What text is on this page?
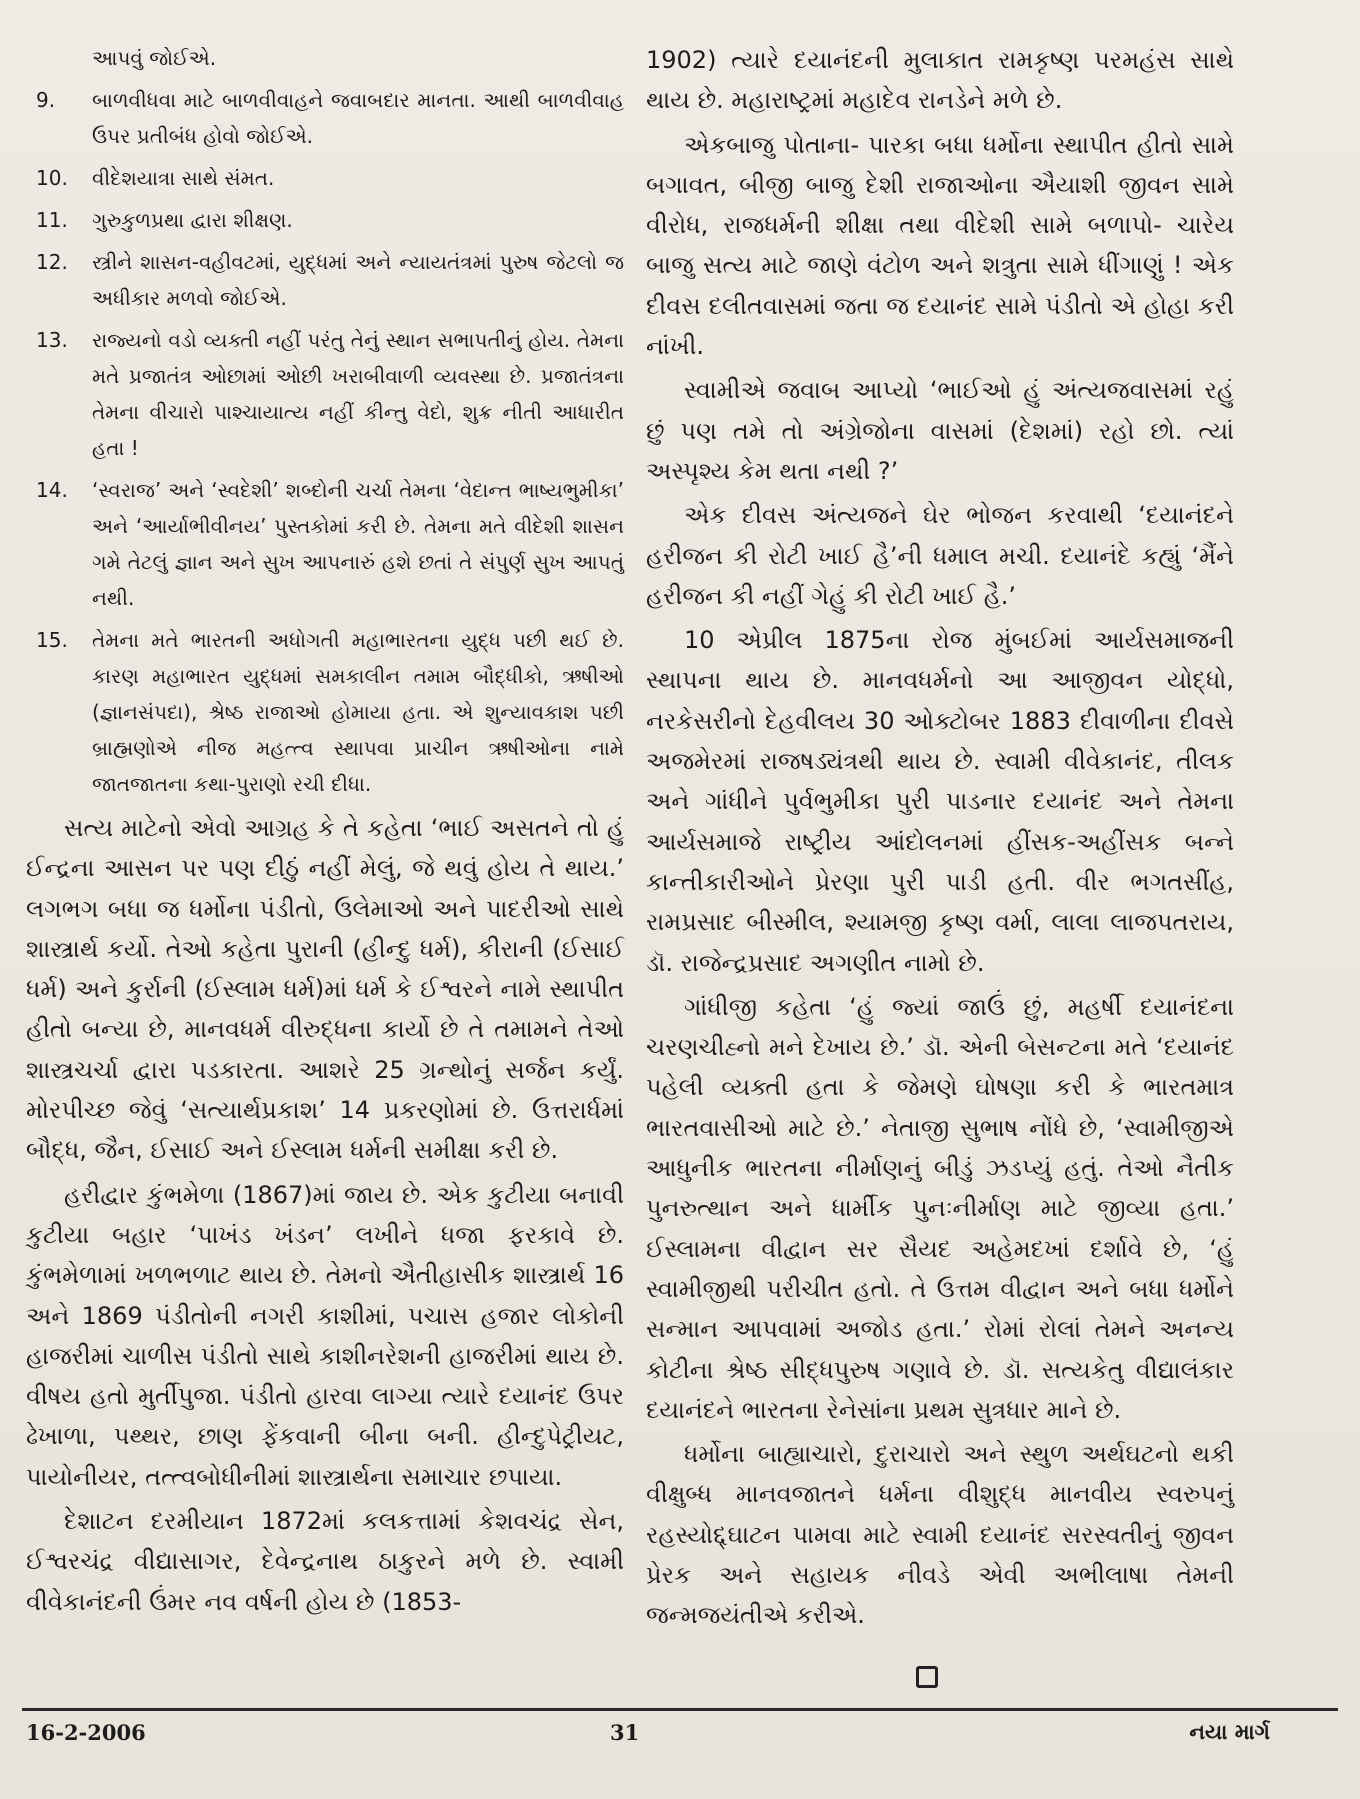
આપવું જોઈએ.
9.	બાળવીધવા માટે બાળવીવાહને જવાબદાર માનતા. આથી બાળવીવાહ ઉપર પ્રતીબંધ હોવો જોઈએ.
10.	વીદેશયાત્રા સાથે સંમત.
11.	ગુરુકુળપ્રથા દ્વારા શીક્ષણ.
12.	સ્ત્રીને શાસન-વહીવટમાં, યુદ્ધમાં અને ન્યાયતંત્રમાં પુરુષ જેટલો જ અધીકાર મળવો જોઈએ.
13.	રાજ્યનો વડો વ્યક્તી નહીં પરંતુ તેનું સ્થાન સભાપતીનું હોય. તેમના મતે પ્રજાતંત્ર ઓછામાં ઓછી ખરાબીવાળી વ્યવસ્થા છે. પ્રજાતંત્રના તેમના વીચારો પાશ્ચાયાત્ય નહીં કીન્તુ વેદો, શુક્ર નીતી આધારીત હતા !
14.	‘સ્વરાજ’ અને ‘સ્વદેશી’ શબ્દોની ચર્ચા તેમના ‘વેદાન્ત ભાષ્યભુમીકા’ અને ‘આર્યાભીવીનય’ પુસ્તકોમાં કરી છે. તેમના મતે વીદેશી શાસન ગમે તેટલું જ્ઞાન અને સુખ આપનારું હશે છતાં તે સંપુર્ણ સુખ આપતું નથી.
15.	તેમના મતે ભારતની અધોગતી મહાભારતના યુદ્ધ પછી થઈ છે. કારણ મહાભારત યુદ્ધમાં સમકાલીન તમામ બૌદ્ધીકો, ઋષીઓ (જ્ઞાનસંપદા), શ્રેષ્ઠ રાજાઓ હોમાયા હતા. એ શુન્યાવકાશ પછી બ્રાહ્મણોએ નીજ મહત્ત્વ સ્થાપવા પ્રાચીન ઋષીઓના નામે જાતજાતના કથા-પુરાણો રચી દીધા.

સત્ય માટેનો એવો આગ્રહ કે તે કહેતા ‘ભાઈ અસતને તો હું ઈન્દ્રના આસન પર પણ દીઠું નહીં મેલું, જે થવું હોય તે થાય.’ લગભગ બધા જ ધર્મોના પંડીતો, ઉલેમાઓ અને પાદરીઓ સાથે શાસ્ત્રાર્થ કર્યો. તેઓ કહેતા પુરાની (હીન્દુ ધર્મ), કીરાની (ઈસાઈ ધર્મ) અને કુર્રાની (ઈસ્લામ ધર્મ)માં ધર્મ કે ઈશ્વરને નામે સ્થાપીત હીતો બન્યા છે, માનવધર્મ વીરુદ્ધના કાર્યો છે તે તમામને તેઓ શાસ્ત્રચર્ચા દ્વારા પડકારતા. આશરે 25 ગ્રન્થોનું સર્જન કર્યું. મોરપીચ્છ જેવું ‘સત્યાર્થપ્રકાશ’ 14 પ્રકરણોમાં છે. ઉત્તરાર્ધમાં બૌદ્ધ, જૈન, ઈસાઈ અને ઈસ્લામ ધર્મની સમીક્ષા કરી છે.

હરીદ્વાર કુંભમેળા (1867)માં જાય છે. એક કુટીયા બનાવી કુટીયા બહાર ‘પાખંડ ખંડન’ લખીને ધજા ફરકાવે છે. કુંભમેળામાં ખળભળાટ થાય છે. તેમનો ઐતીહાસીક શાસ્ત્રાર્થ 16 અને 1869 પંડીતોની નગરી કાશીમાં, પચાસ હજાર લોકોની હાજરીમાં ચાળીસ પંડીતો સાથે કાશીનરેશની હાજરીમાં થાય છે. વીષય હતો મુર્તીપુજા. પંડીતો હારવા લાગ્યા ત્યારે દયાનંદ ઉપર ઢેખાળા, પથ્થર, છાણ ફેંકવાની બીના બની. હીન્દુપેટ્રીયટ, પાયોનીયર, તત્ત્વબોધીનીમાં શાસ્ત્રાર્થના સમાચાર છપાયા.

દેશાટન દરમીયાન 1872માં કલકત્તામાં કેશવચંદ્ર સેન, ઈશ્વરચંદ્ર વીદ્યાસાગર, દેવેન્દ્રનાથ ઠાકુરને મળે છે. સ્વામી વીવેકાનંદની ઉંમર નવ વર્ષની હોય છે (1853-

1902) ત્યારે દયાનંદની મુલાકાત રામકૃષ્ણ પરમહંસ સાથે થાય છે. મહારાષ્ટ્રમાં મહાદેવ રાનડેને મળે છે.

એકબાજુ પોતાના- પારકા બધા ધર્મોના સ્થાપીત હીતો સામે બગાવત, બીજી બાજુ દેશી રાજાઓના ઐયાશી જીવન સામે વીરોધ, રાજધર્મની શીક્ષા તથા વીદેશી સામે બળાપો- ચારેય બાજુ સત્ય માટે જાણે વંટોળ અને શત્રુતા સામે ધીંગાણું ! એક દીવસ દલીતવાસમાં જતા જ દયાનંદ સામે પંડીતો એ હોહા કરી નાંખી.

સ્વામીએ જવાબ આપ્યો ‘ભાઈઓ હું અંત્યજવાસમાં રહું છું પણ તમે તો અંગ્રેજોના વાસમાં (દેશમાં) રહો છો. ત્યાં અસ્પૃશ્ય કેમ થતા નથી ?’

એક દીવસ અંત્યજને ઘેર ભોજન કરવાથી ‘દયાનંદને હરીજન કી રોટી ખાઈ હૈ’ની ધમાલ મચી. દયાનંદે કહ્યું ‘મૈંને હરીજન કી નહીં ગેહું કી રોટી ખાઈ હૈ.’

10 એપ્રીલ 1875ના રોજ મુંબઈમાં આર્યસમાજની સ્થાપના થાય છે. માનવધર્મનો આ આજીવન યોદ્ધો, નરકેસરીનો દેહવીલય 30 ઓક્ટોબર 1883 દીવાળીના દીવસે અજમેરમાં રાજષડ્યંત્રથી થાય છે. સ્વામી વીવેકાનંદ, તીલક અને ગાંધીને પુર્વભુમીકા પુરી પાડનાર દયાનંદ અને તેમના આર્યસમાજે રાષ્ટ્રીય આંદોલનમાં હીંસક-અહીંસક બન્ને કાન્તીકારીઓને પ્રેરણા પુરી પાડી હતી. વીર ભગતસીંહ, રામપ્રસાદ બીસ્મીલ, શ્યામજી કૃષ્ણ વર્મા, લાલા લાજપતરાય, ડૉ. રાજેન્દ્રપ્રસાદ અગણીત નામો છે.

ગાંધીજી કહેતા ‘હું જ્યાં જાઉં છું, મહર્ષી દયાનંદના ચરણચીહ્નો મને દેખાય છે.’ ડૉ. એની બેસન્ટના મતે ‘દયાનંદ પહેલી વ્યક્તી હતા કે જેમણે ઘોષણા કરી કે ભારતમાત્ર ભારતવાસીઓ માટે છે.’ નેતાજી સુભાષ નોંધે છે, ‘સ્વામીજીએ આધુનીક ભારતના નીર્માણનું બીડું ઝડપ્યું હતું. તેઓ નૈતીક પુનરુત્થાન અને ધાર્મીક પુનઃનીર્માણ માટે જીવ્યા હતા.’ ઈસ્લામના વીદ્વાન સર સૈયદ અહેમદખાં દર્શાવે છે, ‘હું સ્વામીજીથી પરીચીત હતો. તે ઉત્તમ વીદ્વાન અને બધા ધર્મોને સન્માન આપવામાં અજોડ હતા.’ રોમાં રોલાં તેમને અનન્ય કોટીના શ્રેષ્ઠ સીદ્ધપુરુષ ગણાવે છે. ડૉ. સત્યકેતુ વીદ્યાલંકાર દયાનંદને ભારતના રેનેસાંના પ્રથમ સુત્રધાર માને છે.

ધર્મોના બાહ્યાચારો, દુરાચારો અને સ્થુળ અર્થઘટનો થકી વીક્ષુબ્ધ માનવજાતને ધર્મના વીશુદ્ધ માનવીય સ્વરુપનું રહસ્યોદ્દ્ઘાટન પામવા માટે સ્વામી દયાનંદ સરસ્વતીનું જીવન પ્રેરક અને સહાયક નીવડે એવી અભીલાષા તેમની જન્મજયંતીએ કરીએ.

16-2-2006	31	નયા માર્ગ
